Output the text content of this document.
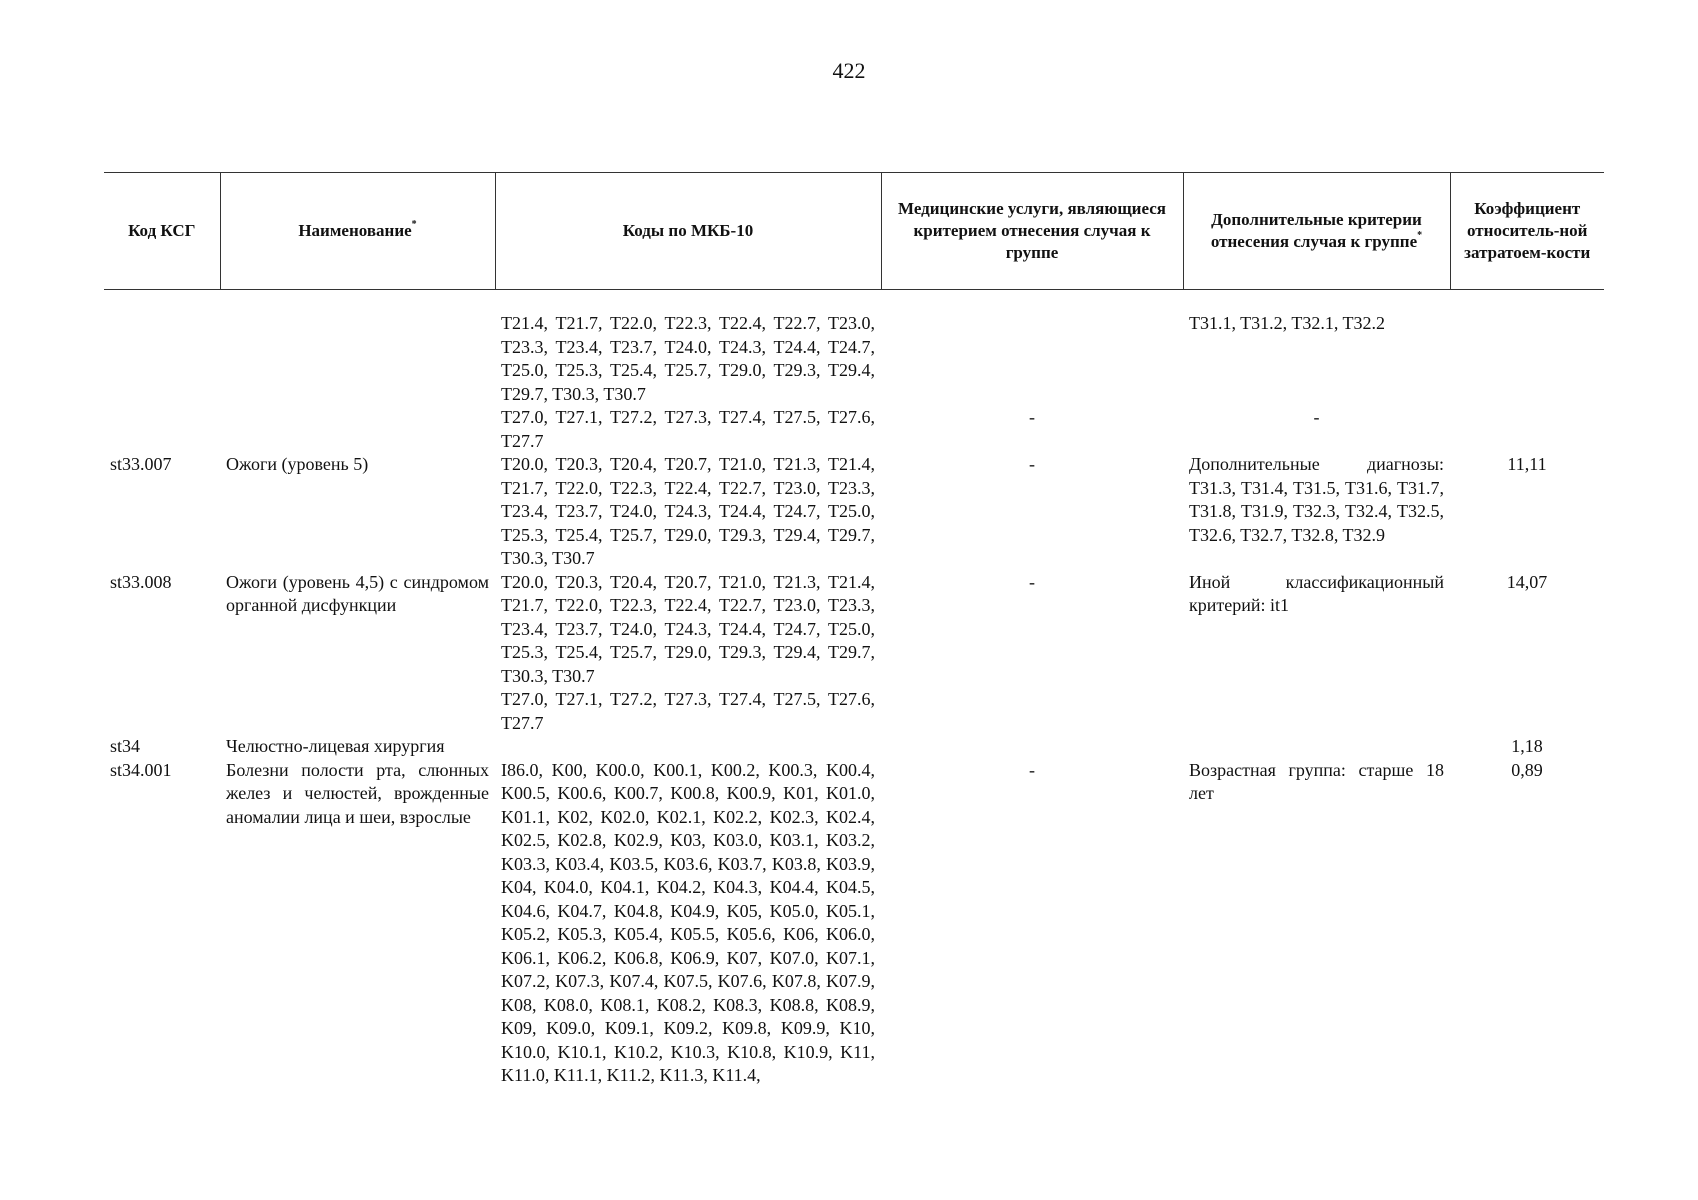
422
Код КСГ	Наименование*	Коды по МКБ-10	Медицинские услуги, являющиеся критерием отнесения случая к группе	Дополнительные критерии отнесения случая к группе*	Коэффициент относитель-ной затратоем-кости

		T21.4, T21.7, T22.0, T22.3, T22.4, T22.7, T23.0, T23.3, T23.4, T23.7, T24.0, T24.3, T24.4, T24.7, T25.0, T25.3, T25.4, T25.7, T29.0, T29.3, T29.4, T29.7, T30.3, T30.7		T31.1, T31.2, T32.1, T32.2	
		T27.0, T27.1, T27.2, T27.3, T27.4, T27.5, T27.6, T27.7	-	-	
st33.007	Ожоги (уровень 5)	T20.0, T20.3, T20.4, T20.7, T21.0, T21.3, T21.4, T21.7, T22.0, T22.3, T22.4, T22.7, T23.0, T23.3, T23.4, T23.7, T24.0, T24.3, T24.4, T24.7, T25.0, T25.3, T25.4, T25.7, T29.0, T29.3, T29.4, T29.7, T30.3, T30.7	-	Дополнительные диагнозы: T31.3, T31.4, T31.5, T31.6, T31.7, T31.8, T31.9, T32.3, T32.4, T32.5, T32.6, T32.7, T32.8, T32.9	11,11
st33.008	Ожоги (уровень 4,5) с синдромом органной дисфункции	T20.0, T20.3, T20.4, T20.7, T21.0, T21.3, T21.4, T21.7, T22.0, T22.3, T22.4, T22.7, T23.0, T23.3, T23.4, T23.7, T24.0, T24.3, T24.4, T24.7, T25.0, T25.3, T25.4, T25.7, T29.0, T29.3, T29.4, T29.7, T30.3, T30.7	-	Иной классификационный критерий: it1	14,07
		T27.0, T27.1, T27.2, T27.3, T27.4, T27.5, T27.6, T27.7			
st34	Челюстно-лицевая хирургия				1,18
st34.001	Болезни полости рта, слюнных желез и челюстей, врожденные аномалии лица и шеи, взрослые	I86.0, K00, K00.0, K00.1, K00.2, K00.3, K00.4, K00.5, K00.6, K00.7, K00.8, K00.9, K01, K01.0, K01.1, K02, K02.0, K02.1, K02.2, K02.3, K02.4, K02.5, K02.8, K02.9, K03, K03.0, K03.1, K03.2, K03.3, K03.4, K03.5, K03.6, K03.7, K03.8, K03.9, K04, K04.0, K04.1, K04.2, K04.3, K04.4, K04.5, K04.6, K04.7, K04.8, K04.9, K05, K05.0, K05.1, K05.2, K05.3, K05.4, K05.5, K05.6, K06, K06.0, K06.1, K06.2, K06.8, K06.9, K07, K07.0, K07.1, K07.2, K07.3, K07.4, K07.5, K07.6, K07.8, K07.9, K08, K08.0, K08.1, K08.2, K08.3, K08.8, K08.9, K09, K09.0, K09.1, K09.2, K09.8, K09.9, K10, K10.0, K10.1, K10.2, K10.3, K10.8, K10.9, K11, K11.0, K11.1, K11.2, K11.3, K11.4,	-	Возрастная группа: старше 18 лет	0,89
